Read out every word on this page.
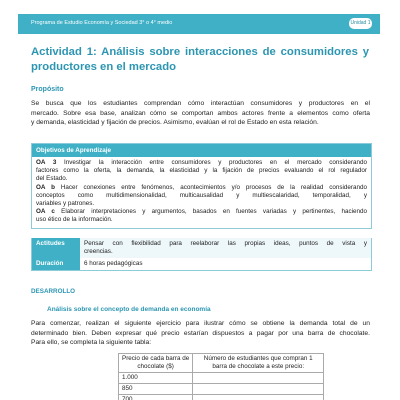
Programa de Estudio Economía y Sociedad 3° o 4° medio	Unidad 1
Actividad 1: Análisis sobre interacciones de consumidores y
productores en el mercado
Propósito
Se busca que los estudiantes comprendan cómo interactúan consumidores y productores en el
mercado. Sobre esa base, analizan cómo se comportan ambos actores frente a elementos como oferta
y demanda, elasticidad y fijación de precios. Asimismo, evalúan el rol de Estado en esta relación.
Objetivos de Aprendizaje
OA 3 Investigar la interacción entre consumidores y productores en el mercado considerando
factores como la oferta, la demanda, la elasticidad y la fijación de precios evaluando el rol regulador
del Estado.
OA b Hacer conexiones entre fenómenos, acontecimientos y/o procesos de la realidad considerando
conceptos como multidimensionalidad, multicausalidad y multiescalaridad, temporalidad, y
variables y patrones.
OA c Elaborar interpretaciones y argumentos, basados en fuentes variadas y pertinentes, haciendo
uso ético de la información.
Actitudes	Pensar con flexibilidad para reelaborar las propias ideas, puntos de vista y
creencias.
Duración	6 horas pedagógicas
DESARROLLO
Análisis sobre el concepto de demanda en economía
Para comenzar, realizan el siguiente ejercicio para ilustrar cómo se obtiene la demanda total de un
determinado bien. Deben expresar qué precio estarían dispuestos a pagar por una barra de chocolate.
Para ello, se completa la siguiente tabla:
Precio de cada barra de
chocolate ($)	Número de estudiantes que compran 1
barra de chocolate a este precio:

1.000	
850	
700	
